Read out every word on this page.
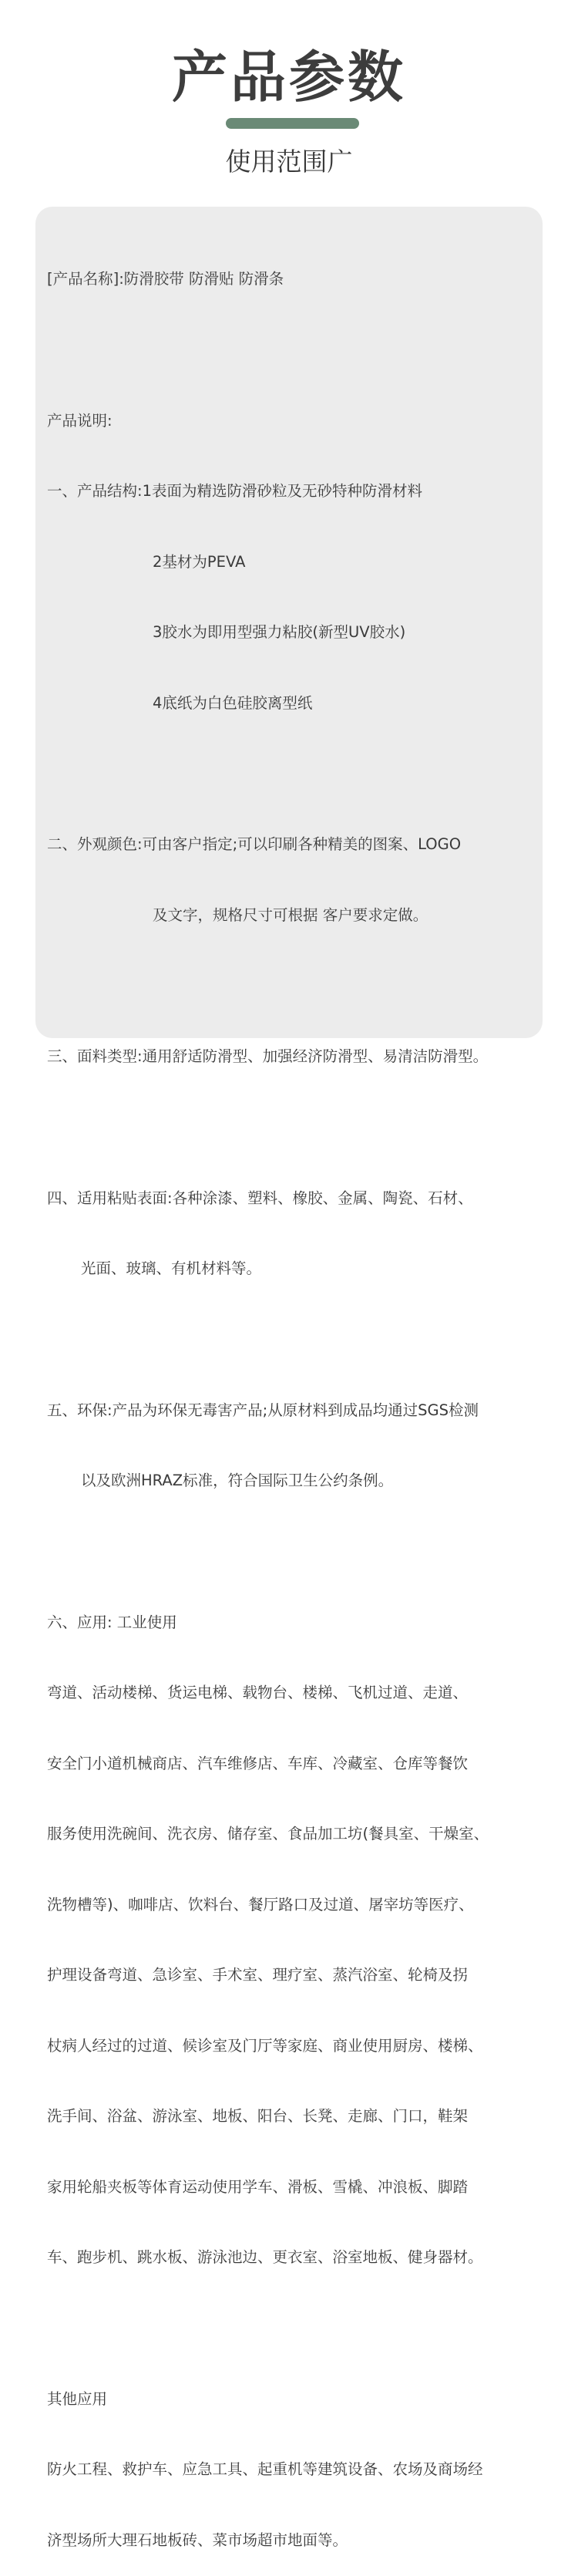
产品参数
使用范围广

[产品名称]:防滑胶带 防滑贴 防滑条

产品说明:

一、产品结构:1表面为精选防滑砂粒及无砂特种防滑材料

2基材为PEVA

3胶水为即用型强力粘胶(新型UV胶水)

4底纸为白色硅胶离型纸

二、外观颜色:可由客户指定;可以印刷各种精美的图案、LOGO

及文字，规格尺寸可根据 客户要求定做。

三、面料类型:通用舒适防滑型、加强经济防滑型、易清洁防滑型。

四、适用粘贴表面:各种涂漆、塑料、橡胶、金属、陶瓷、石材、

光面、玻璃、有机材料等。

五、环保:产品为环保无毒害产品;从原材料到成品均通过SGS检测

以及欧洲HRAZ标准，符合国际卫生公约条例。

六、应用: 工业使用

弯道、活动楼梯、货运电梯、载物台、楼梯、飞机过道、走道、

安全门小道机械商店、汽车维修店、车库、冷藏室、仓库等餐饮

服务使用洗碗间、洗衣房、储存室、食品加工坊(餐具室、干燥室、

洗物槽等)、咖啡店、饮料台、餐厅路口及过道、屠宰坊等医疗、

护理设备弯道、急诊室、手术室、理疗室、蒸汽浴室、轮椅及拐

杖病人经过的过道、候诊室及门厅等家庭、商业使用厨房、楼梯、

洗手间、浴盆、游泳室、地板、阳台、长凳、走廊、门口，鞋架

家用轮船夹板等体育运动使用学车、滑板、雪橇、冲浪板、脚踏

车、跑步机、跳水板、游泳池边、更衣室、浴室地板、健身器材。

其他应用

防火工程、救护车、应急工具、起重机等建筑设备、农场及商场经

济型场所大理石地板砖、菜市场超市地面等。
